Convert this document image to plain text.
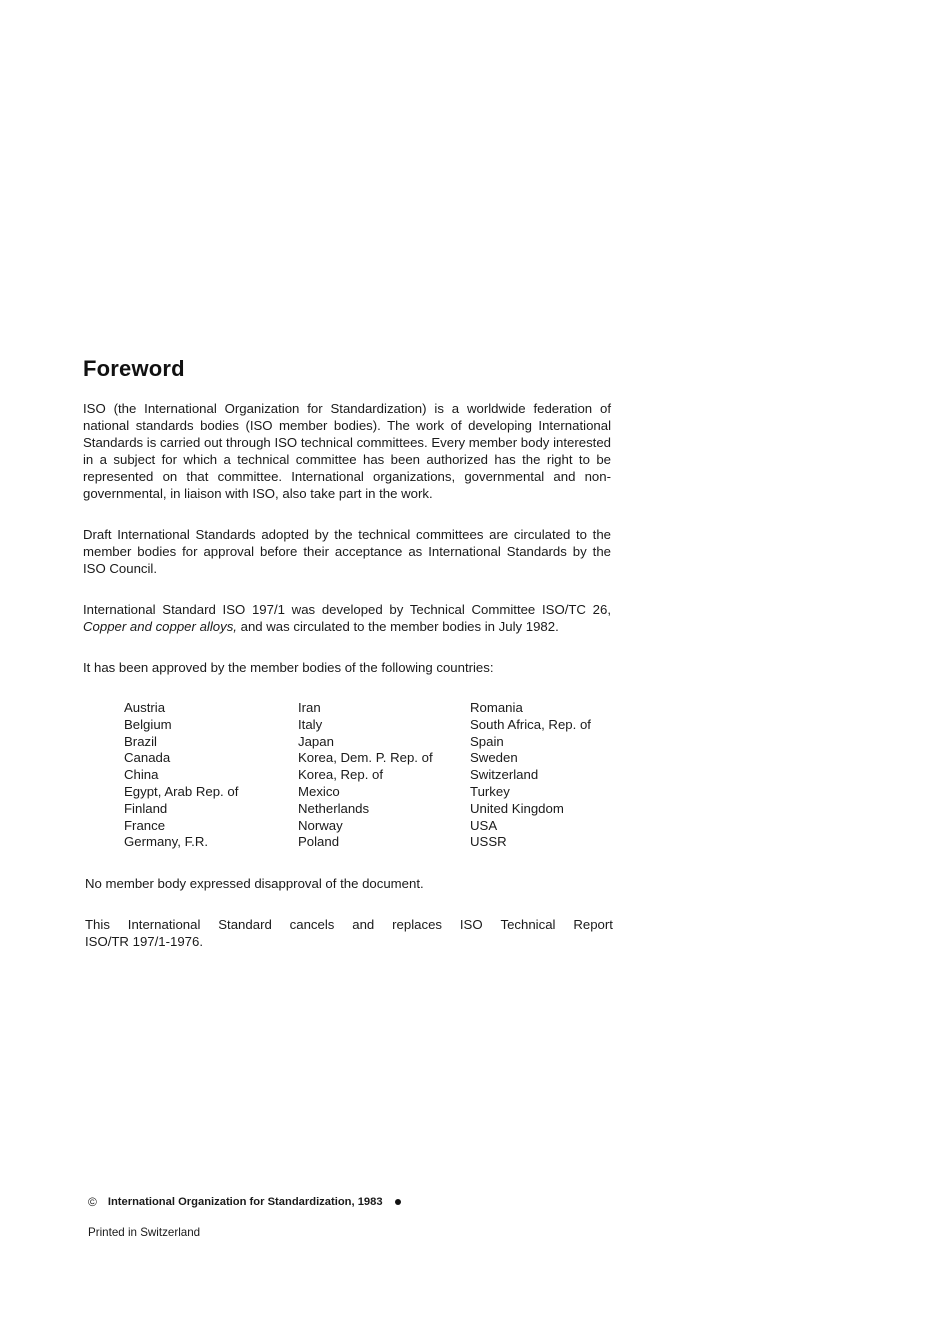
Foreword

ISO (the International Organization for Standardization) is a worldwide federation of national standards bodies (ISO member bodies). The work of developing International Standards is carried out through ISO technical committees. Every member body interested in a subject for which a technical committee has been authorized has the right to be represented on that committee. International organizations, governmental and non-governmental, in liaison with ISO, also take part in the work.

Draft International Standards adopted by the technical committees are circulated to the member bodies for approval before their acceptance as International Standards by the ISO Council.

International Standard ISO 197/1 was developed by Technical Committee ISO/TC 26, Copper and copper alloys, and was circulated to the member bodies in July 1982.

It has been approved by the member bodies of the following countries:

Austria
Belgium
Brazil
Canada
China
Egypt, Arab Rep. of
Finland
France
Germany, F.R.
Iran
Italy
Japan
Korea, Dem. P. Rep. of
Korea, Rep. of
Mexico
Netherlands
Norway
Poland
Romania
South Africa, Rep. of
Spain
Sweden
Switzerland
Turkey
United Kingdom
USA
USSR

No member body expressed disapproval of the document.

This International Standard cancels and replaces ISO Technical Report
ISO/TR 197/1-1976.
© International Organization for Standardization, 1983
Printed in Switzerland
